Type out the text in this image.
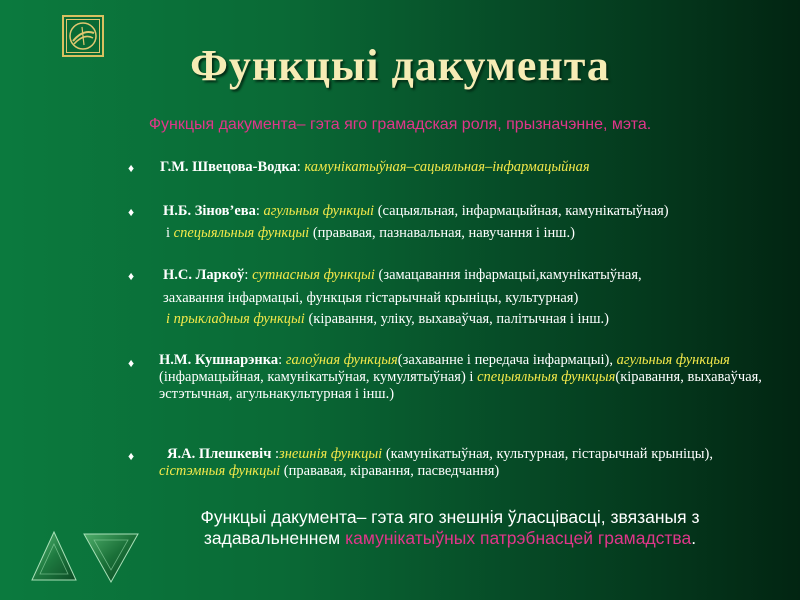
Функцыі дакумента
Функцыя дакумента– гэта яго грамадская роля, прызначэнне, мэта.
♦ Г.М. Швецова-Водка: камунікатыўная–сацыяльная–інфармацыйная
♦ Н.Б. Зінов’ева: агульныя функцыі (сацыяльная, інфармацыйная, камунікатыўная)
і спецыяльныя функцыі (прававая, пазнавальная, навучання і інш.)
♦ Н.С. Ларкоў: сутнасныя функцыі (замацавання інфармацыі,камунікатыўная,
захавання інфармацыі, функцыя гістарычнай крыніцы, культурная)
і прыкладныя функцыі (кіравання, уліку, выхаваўчая, палітычная і інш.)
♦ Н.М. Кушнарэнка: галоўная функцыя(захаванне і передача інфармацыі), агульныя функцыя (інфармацыйная, камунікатыўная, кумулятыўная) і спецыяльныя функцыя(кіравання, выхаваўчая, эстэтычная, агульнакультурная і інш.)
♦	Я.А. Плешкевіч :знешнія функцыі (камунікатыўная, культурная, гістарычнай крыніцы), сістэмныя функцыі (прававая, кіравання, пасведчання)
Функцыі дакумента– гэта яго знешнія ўласцівасці, звязаныя з задавальненнем камунікатыўных патрэбнасцей грамадства.
